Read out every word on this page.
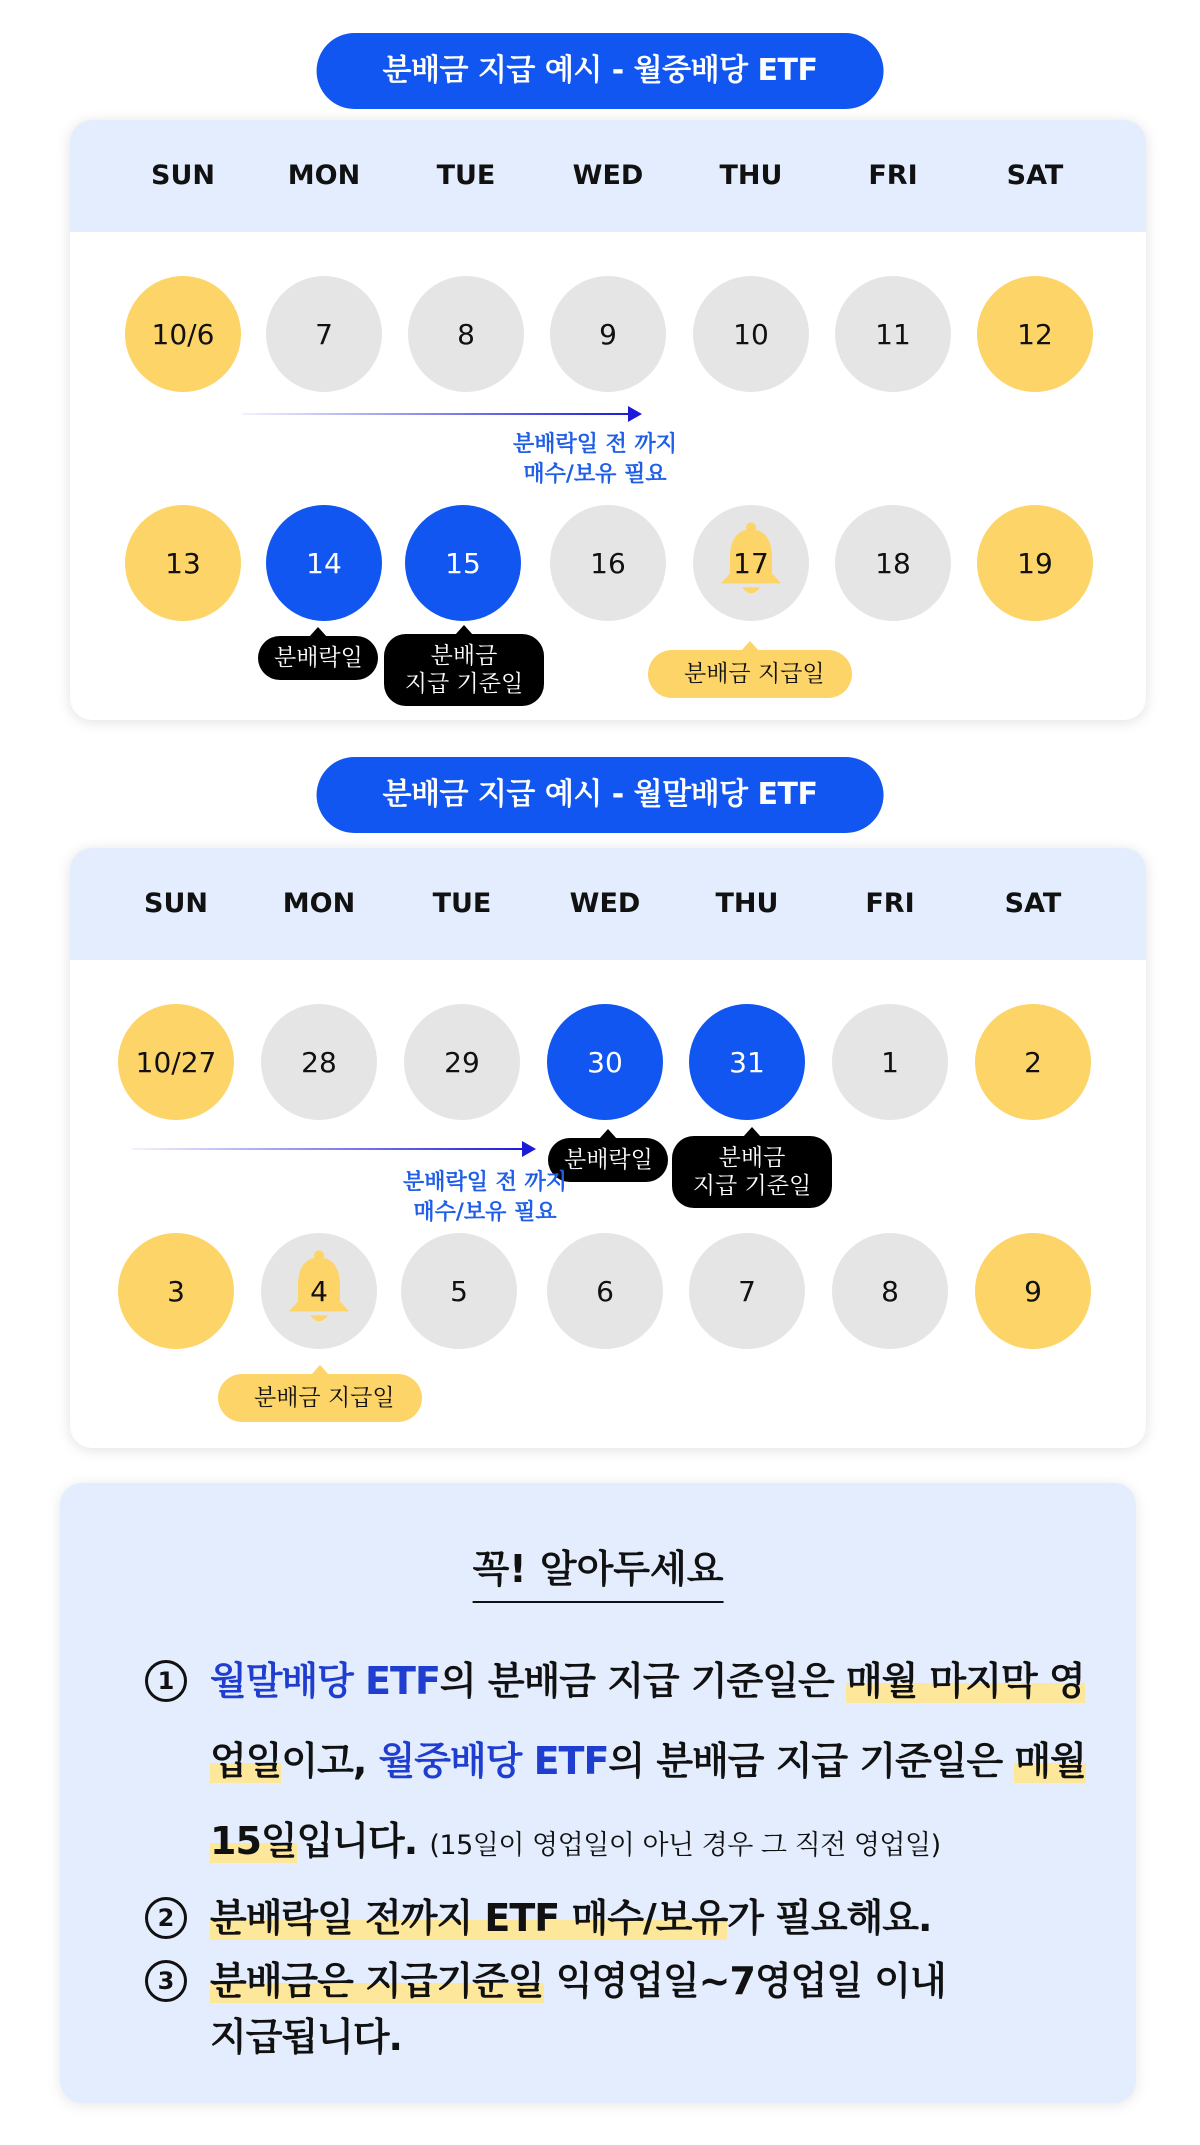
분배금 지급 예시 - 월중배당 ETF
SUN	MON	TUE	WED	THU	FRI	SAT
10/6	7	8	9	10	11	12
분배락일 전 까지
매수/보유 필요
13	14	15	16	17	18	19
분배락일	분배금
지급 기준일	분배금 지급일
분배금 지급 예시 - 월말배당 ETF
SUN	MON	TUE	WED	THU	FRI	SAT
10/27	28	29	30	31	1	2
분배락일	분배금
지급 기준일
분배락일 전 까지
매수/보유 필요
3	4	5	6	7	8	9
분배금 지급일
꼭! 알아두세요
1 월말배당 ETF의 분배금 지급 기준일은 매월 마지막 영업일이고, 월중배당 ETF의 분배금 지급 기준일은 매월 15일입니다. (15일이 영업일이 아닌 경우 그 직전 영업일)
2 분배락일 전까지 ETF 매수/보유가 필요해요.
3 분배금은 지급기준일 익영업일~7영업일 이내 지급됩니다.
